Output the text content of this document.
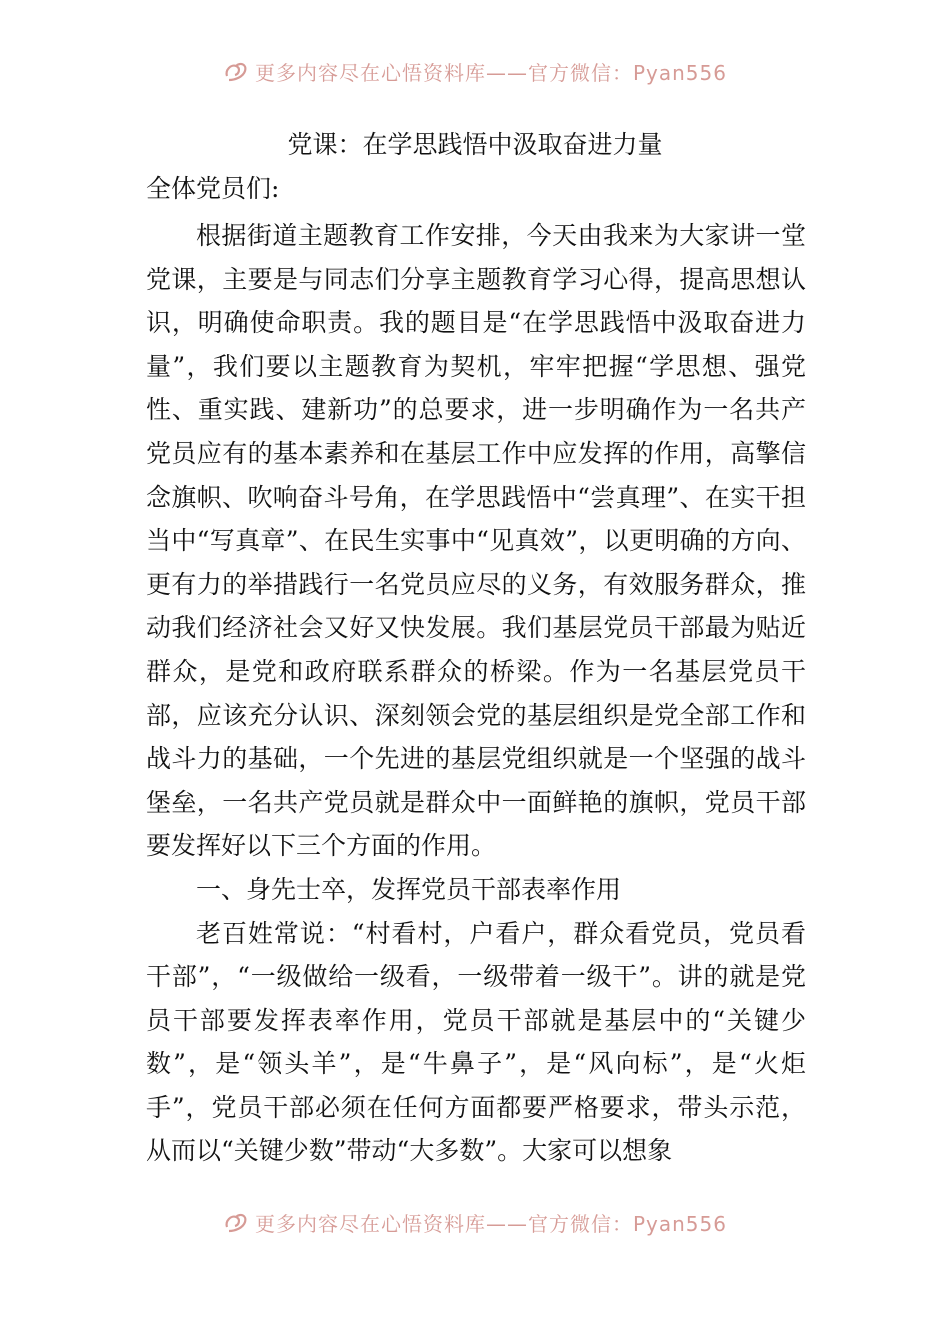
更多内容尽在心悟资料库——官方微信：Pyan556
党课：在学思践悟中汲取奋进力量
全体党员们:

根据街道主题教育工作安排，今天由我来为大家讲一堂党课，主要是与同志们分享主题教育学习心得，提高思想认识，明确使命职责。我的题目是“在学思践悟中汲取奋进力量”，我们要以主题教育为契机，牢牢把握“学思想、强党性、重实践、建新功”的总要求，进一步明确作为一名共产党员应有的基本素养和在基层工作中应发挥的作用，高擎信念旗帜、吹响奋斗号角，在学思践悟中“尝真理”、在实干担当中“写真章”、在民生实事中“见真效”，以更明确的方向、更有力的举措践行一名党员应尽的义务，有效服务群众，推动我们经济社会又好又快发展。我们基层党员干部最为贴近群众，是党和政府联系群众的桥梁。作为一名基层党员干部，应该充分认识、深刻领会党的基层组织是党全部工作和战斗力的基础，一个先进的基层党组织就是一个坚强的战斗堡垒，一名共产党员就是群众中一面鲜艳的旗帜，党员干部要发挥好以下三个方面的作用。

一、身先士卒，发挥党员干部表率作用

老百姓常说：“村看村，户看户，群众看党员，党员看干部”，“一级做给一级看，一级带着一级干”。讲的就是党员干部要发挥表率作用，党员干部就是基层中的“关键少数”，是“领头羊”，是“牛鼻子”，是“风向标”，是“火炬手”，党员干部必须在任何方面都要严格要求，带头示范，从而以“关键少数”带动“大多数”。大家可以想象

更多内容尽在心悟资料库——官方微信：Pyan556
